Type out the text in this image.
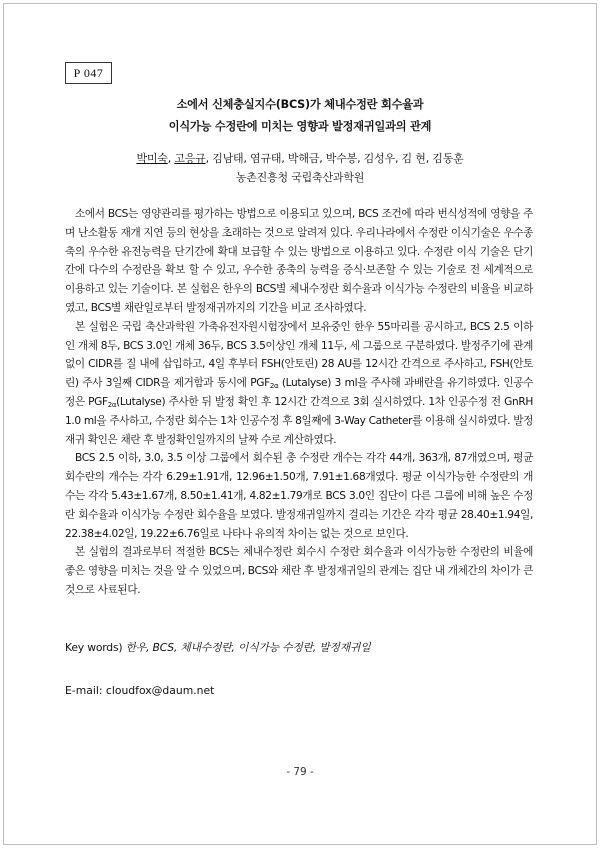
P 047
소에서 신체충실지수(BCS)가 체내수정란 회수율과
이식가능 수정란에 미치는 영향과 발정재귀일과의 관계
박미숙, 고응규, 김남태, 염규태, 박해금, 박수봉, 김성우, 김 현, 김동훈
농촌진흥청 국립축산과학원

소에서 BCS는 영양관리를 평가하는 방법으로 이용되고 있으며, BCS 조건에 따라 번식성적에 영향을 주며 난소활동 재개 지연 등의 현상을 초래하는 것으로 알려져 있다. 우리나라에서 수정란 이식기술은 우수종축의 우수한 유전능력을 단기간에 확대 보급할 수 있는 방법으로 이용하고 있다. 수정란 이식 기술은 단기간에 다수의 수정란을 확보 할 수 있고, 우수한 종축의 능력을 증식·보존할 수 있는 기술로 전 세계적으로 이용하고 있는 기술이다. 본 실험은 한우의 BCS별 체내수정란 회수율과 이식가능 수정란의 비율을 비교하였고, BCS별 채란일로부터 발정재귀까지의 기간을 비교 조사하였다.

본 실험은 국립 축산과학원 가축유전자원시험장에서 보유중인 한우 55마리를 공시하고, BCS 2.5 이하인 개체 8두, BCS 3.0인 개체 36두, BCS 3.5이상인 개체 11두, 세 그룹으로 구분하였다. 발정주기에 관계없이 CIDR를 질 내에 삽입하고, 4일 후부터 FSH(안토린) 28 AU를 12시간 간격으로 주사하고, FSH(안토린) 주사 3일째 CIDR을 제거함과 동시에 $PGF_{2\alpha}$ (Lutalyse) 3 ml을 주사해 과배란을 유기하였다. 인공수정은 $PGF_{2\alpha}(Lutalyse)$ 주사한 뒤 발정 확인 후 12시간 간격으로 3회 실시하였다. 1차 인공수정 전 GnRH 1.0 ml을 주사하고, 수정란 회수는 1차 인공수정 후 8일째에 3-Way Catheter를 이용해 실시하였다. 발정재귀 확인은 채란 후 발정확인일까지의 날짜 수로 계산하였다.

BCS 2.5 이하, 3.0, 3.5 이상 그룹에서 회수된 총 수정란 개수는 각각 44개, 363개, 87개였으며, 평균 회수란의 개수는 각각 6.29±1.91개, 12.96±1.50개, 7.91±1.68개였다. 평균 이식가능한 수정란의 개수는 각각 5.43±1.67개, 8.50±1.41개, 4.82±1.79개로 BCS 3.0인 집단이 다른 그룹에 비해 높은 수정란 회수율과 이식가능 수정란 회수율을 보였다. 발정재귀일까지 걸리는 기간은 각각 평균 28.40±1.94일, 22.38±4.02일, 19.22±6.76일로 나타나 유의적 차이는 없는 것으로 보인다.

본 실험의 결과로부터 적절한 BCS는 체내수정란 회수시 수정란 회수율과 이식가능한 수정란의 비율에 좋은 영향을 미치는 것을 알 수 있었으며, BCS와 채란 후 발정재귀일의 관계는 집단 내 개체간의 차이가 큰 것으로 사료된다.

Key words) 한우, BCS, 체내수정란, 이식가능 수정란, 발정재귀일
E-mail: cloudfox@daum.net
- 79 -
